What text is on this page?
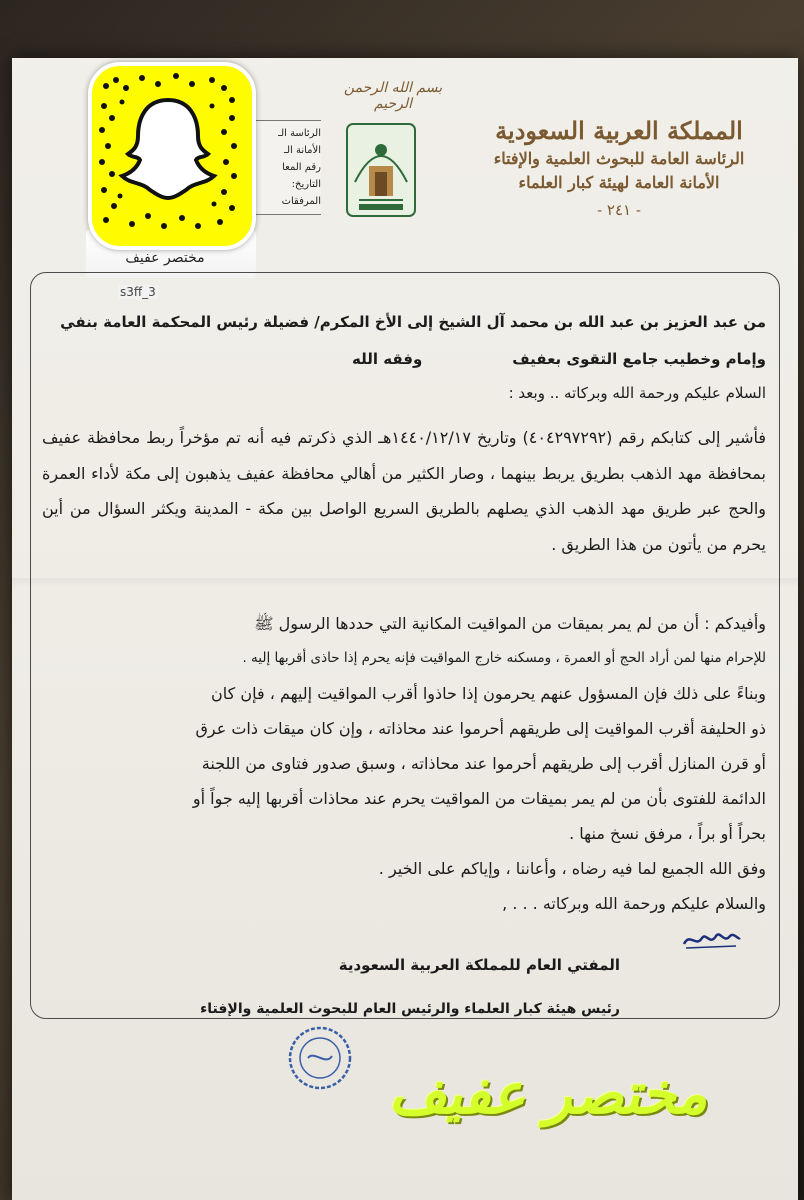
المملكة العربية السعودية
الرئاسة العامة للبحوث العلمية والإفتاء
الأمانة العامة لهيئة كبار العلماء
- ٢٤١ -
بسم الله الرحمن الرحيم
الرئاسة الـ
الأمانة الـ
رقم المعا
التاريخ:
المرفقات
مختصر عفيف
s3ff_3
من عبد العزيز بن عبد الله بن محمد آل الشيخ إلى الأخ المكرم/ فضيلة رئيس المحكمة العامة بنفي
وإمام وخطيب جامع التقوى بعفيفوفقه الله
السلام عليكم ورحمة الله وبركاته .. وبعد :
فأشير إلى كتابكم رقم (٤٠٤٢٩٧٢٩٢) وتاريخ ١٤٤٠/١٢/١٧هـ الذي ذكرتم فيه أنه تم مؤخراً ربط محافظة عفيف بمحافظة مهد الذهب بطريق يربط بينهما ، وصار الكثير من أهالي محافظة عفيف يذهبون إلى مكة لأداء العمرة والحج عبر طريق مهد الذهب الذي يصلهم بالطريق السريع الواصل بين مكة - المدينة ويكثر السؤال من أين يحرم من يأتون من هذا الطريق .
وأفيدكم : أن من لم يمر بميقات من المواقيت المكانية التي حددها الرسول ﷺ
للإحرام منها لمن أراد الحج أو العمرة ، ومسكنه خارج المواقيت فإنه يحرم إذا حاذى أقربها إليه .
وبناءً على ذلك فإن المسؤول عنهم يحرمون إذا حاذوا أقرب المواقيت إليهم ، فإن كان
ذو الحليفة أقرب المواقيت إلى طريقهم أحرموا عند محاذاته ، وإن كان ميقات ذات عرق
أو قرن المنازل أقرب إلى طريقهم أحرموا عند محاذاته ، وسبق صدور فتاوى من اللجنة
الدائمة للفتوى بأن من لم يمر بميقات من المواقيت يحرم عند محاذات أقربها إليه جواً أو
بحراً أو براً ، مرفق نسخ منها .
وفق الله الجميع لما فيه رضاه ، وأعاننا ، وإياكم على الخير .
والسلام عليكم ورحمة الله وبركاته . . . ,
المفتي العام للمملكة العربية السعودية
رئيس هيئة كبار العلماء والرئيس العام للبحوث العلمية والإفتاء
مختصر عفيف
